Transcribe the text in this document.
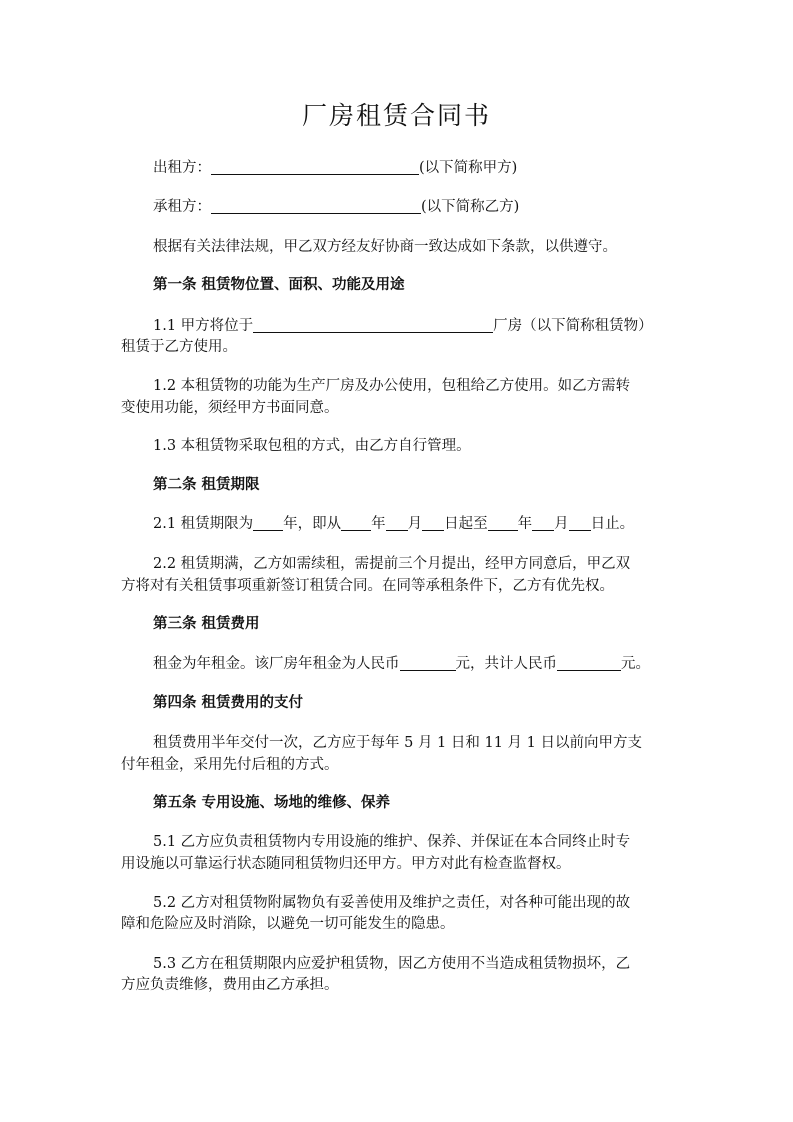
厂房租赁合同书
出租方：	(以下简称甲方)
承租方：	(以下简称乙方)
根据有关法律法规，甲乙双方经友好协商一致达成如下条款，以供遵守。
第一条 租赁物位置、面积、功能及用途
1.1 甲方将位于	厂房（以下简称租赁物）
租赁于乙方使用。
1.2 本租赁物的功能为生产厂房及办公使用，包租给乙方使用。如乙方需转
变使用功能，须经甲方书面同意。
1.3 本租赁物采取包租的方式，由乙方自行管理。
第二条 租赁期限
2.1 租赁期限为 年，即从 年 月 日起至 年 月 日止。
2.2 租赁期满，乙方如需续租，需提前三个月提出，经甲方同意后，甲乙双
方将对有关租赁事项重新签订租赁合同。在同等承租条件下，乙方有优先权。
第三条 租赁费用
租金为年租金。该厂房年租金为人民币	元，共计人民币	元。
第四条 租赁费用的支付
租赁费用半年交付一次，乙方应于每年 5 月 1 日和 11 月 1 日以前向甲方支
付年租金，采用先付后租的方式。
第五条 专用设施、场地的维修、保养
5.1 乙方应负责租赁物内专用设施的维护、保养、并保证在本合同终止时专
用设施以可靠运行状态随同租赁物归还甲方。甲方对此有检查监督权。
5.2 乙方对租赁物附属物负有妥善使用及维护之责任，对各种可能出现的故
障和危险应及时消除，以避免一切可能发生的隐患。
5.3 乙方在租赁期限内应爱护租赁物，因乙方使用不当造成租赁物损坏，乙
方应负责维修，费用由乙方承担。
